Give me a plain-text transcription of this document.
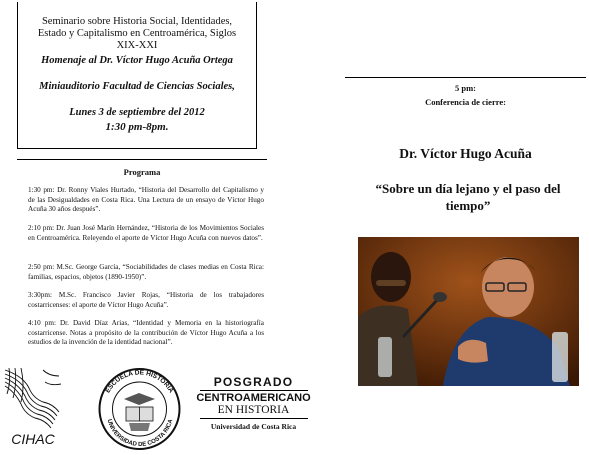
Seminario sobre Historia Social, Identidades,
Estado y Capitalismo en Centroamérica, Siglos
XIX-XXI
Homenaje al Dr. Víctor Hugo Acuña Ortega
Miniauditorio Facultad de Ciencias Sociales,
Lunes 3 de septiembre del 2012
1:30 pm-8pm.
Programa
1:30 pm: Dr. Ronny Viales Hurtado, “Historia del Desarrollo del Capitalismo y de las Desigualdades en Costa Rica. Una Lectura de un ensayo de Víctor Hugo Acuña 30 años después”.
2:10 pm: Dr. Juan José Marín Hernández, “Historia de los Movimientos Sociales en Centroamérica. Releyendo el aporte de Víctor Hugo Acuña con nuevos datos”.
2:50 pm: M.Sc. George García, “Sociabilidades de clases medias en Costa Rica: familias, espacios, objetos (1890-1950)”.
3:30pm: M.Sc. Francisco Javier Rojas, “Historia de los trabajadores costarricenses: el aporte de Víctor Hugo Acuña”.
4:10 pm: Dr. David Díaz Arias, “Identidad y Memoria en la historiografía costarricense. Notas a propósito de la contribución de Víctor Hugo Acuña a los estudios de la invención de la identidad nacional”.
5 pm:
Conferencia de cierre:
Dr. Víctor Hugo Acuña
“Sobre un día lejano y el paso del tiempo”
CIHAC
ESCUELA DE HISTORIA
UNIVERSIDAD DE COSTA RICA
POSGRADO
CENTROAMERICANO
EN HISTORIA
Universidad de Costa Rica
